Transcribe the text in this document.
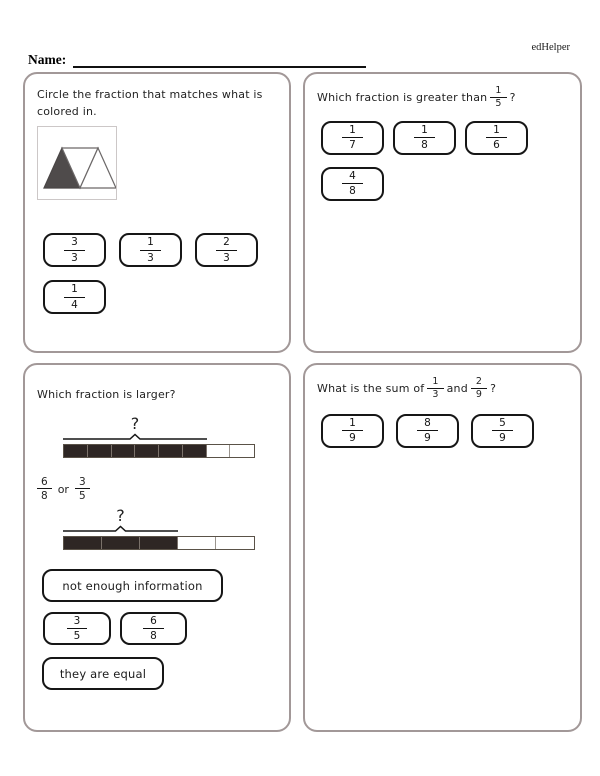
edHelper
Name:
Circle the fraction that matches what is
colored in.
$\frac{3}{3}$	$\frac{1}{3}$	$\frac{2}{3}$
$\frac{1}{4}$
Which fraction is greater than $\frac{1}{5}$ ?
$\frac{1}{7}$	$\frac{1}{8}$	$\frac{1}{6}$
$\frac{4}{8}$
Which fraction is larger?
?
$\frac{6}{8}$ or $\frac{3}{5}$
?
not enough information
$\frac{3}{5}$	$\frac{6}{8}$
they are equal
What is the sum of $\frac{1}{3}$ and $\frac{2}{9}$ ?
$\frac{1}{9}$	$\frac{8}{9}$	$\frac{5}{9}$
